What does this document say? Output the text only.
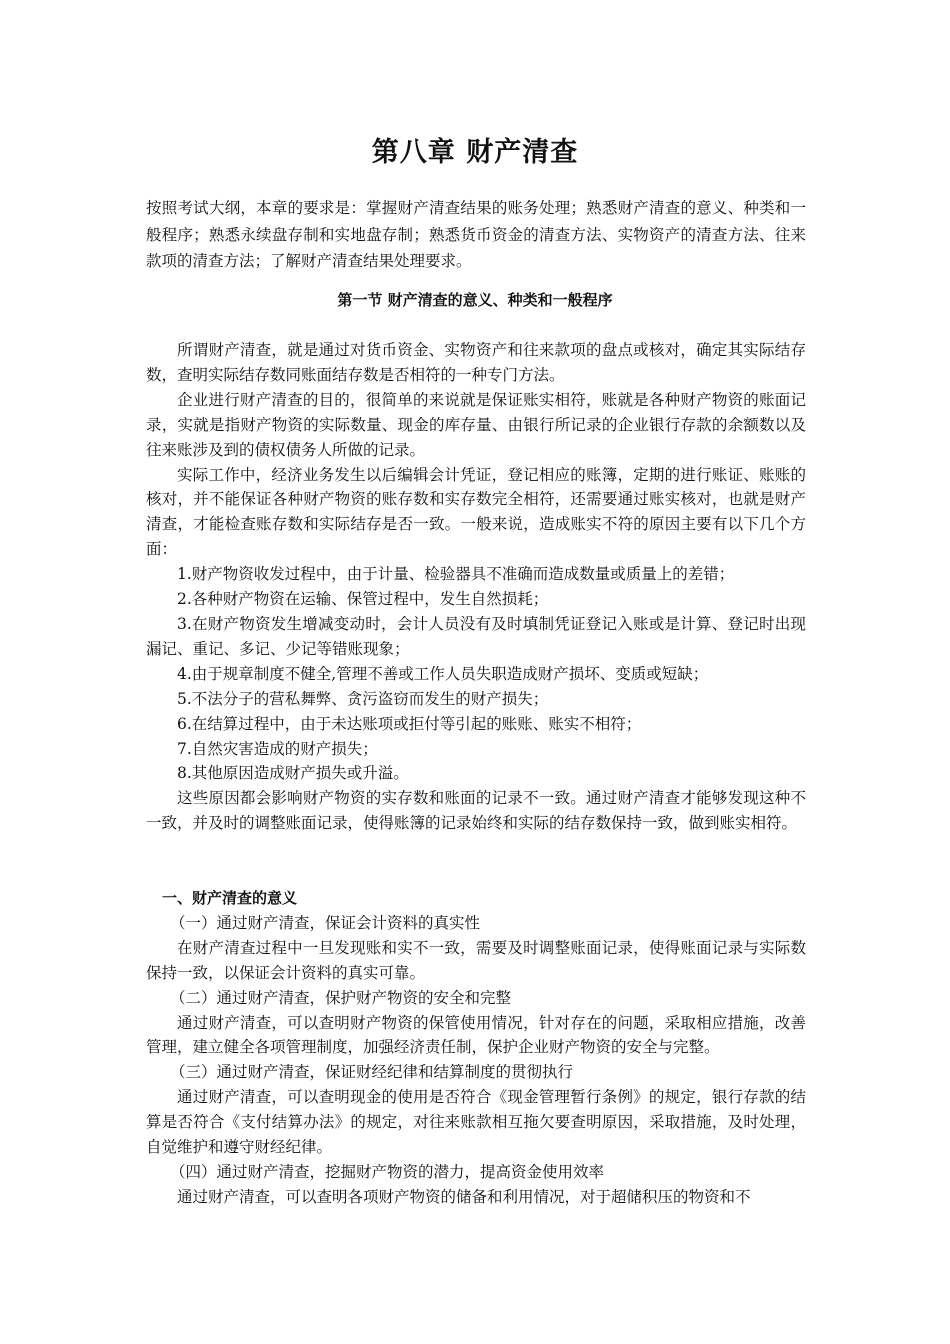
第八章 财产清查

按照考试大纲，本章的要求是：掌握财产清查结果的账务处理；熟悉财产清查的意义、种类和一般程序；熟悉永续盘存制和实地盘存制；熟悉货币资金的清查方法、实物资产的清查方法、往来款项的清查方法；了解财产清查结果处理要求。

第一节 财产清查的意义、种类和一般程序

所谓财产清查，就是通过对货币资金、实物资产和往来款项的盘点或核对，确定其实际结存数，查明实际结存数同账面结存数是否相符的一种专门方法。

企业进行财产清查的目的，很简单的来说就是保证账实相符，账就是各种财产物资的账面记录，实就是指财产物资的实际数量、现金的库存量、由银行所记录的企业银行存款的余额数以及往来账涉及到的债权债务人所做的记录。

实际工作中，经济业务发生以后编辑会计凭证，登记相应的账簿，定期的进行账证、账账的核对，并不能保证各种财产物资的账存数和实存数完全相符，还需要通过账实核对，也就是财产清查，才能检查账存数和实际结存是否一致。一般来说，造成账实不符的原因主要有以下几个方面：

1.财产物资收发过程中，由于计量、检验器具不准确而造成数量或质量上的差错；

2.各种财产物资在运输、保管过程中，发生自然损耗；

3.在财产物资发生增减变动时，会计人员没有及时填制凭证登记入账或是计算、登记时出现漏记、重记、多记、少记等错账现象；

4.由于规章制度不健全,管理不善或工作人员失职造成财产损坏、变质或短缺；

5.不法分子的营私舞弊、贪污盗窃而发生的财产损失；

6.在结算过程中，由于未达账项或拒付等引起的账账、账实不相符；

7.自然灾害造成的财产损失；

8.其他原因造成财产损失或升溢。

这些原因都会影响财产物资的实存数和账面的记录不一致。通过财产清查才能够发现这种不一致，并及时的调整账面记录，使得账簿的记录始终和实际的结存数保持一致，做到账实相符。

一、财产清查的意义

（一）通过财产清查，保证会计资料的真实性

在财产清查过程中一旦发现账和实不一致，需要及时调整账面记录，使得账面记录与实际数保持一致，以保证会计资料的真实可靠。

（二）通过财产清查，保护财产物资的安全和完整

通过财产清查，可以查明财产物资的保管使用情况，针对存在的问题，采取相应措施，改善管理，建立健全各项管理制度，加强经济责任制，保护企业财产物资的安全与完整。

（三）通过财产清查，保证财经纪律和结算制度的贯彻执行

通过财产清查，可以查明现金的使用是否符合《现金管理暂行条例》的规定，银行存款的结算是否符合《支付结算办法》的规定，对往来账款相互拖欠要查明原因，采取措施，及时处理，自觉维护和遵守财经纪律。

（四）通过财产清查，挖掘财产物资的潜力，提高资金使用效率

通过财产清查，可以查明各项财产物资的储备和利用情况，对于超储积压的物资和不
